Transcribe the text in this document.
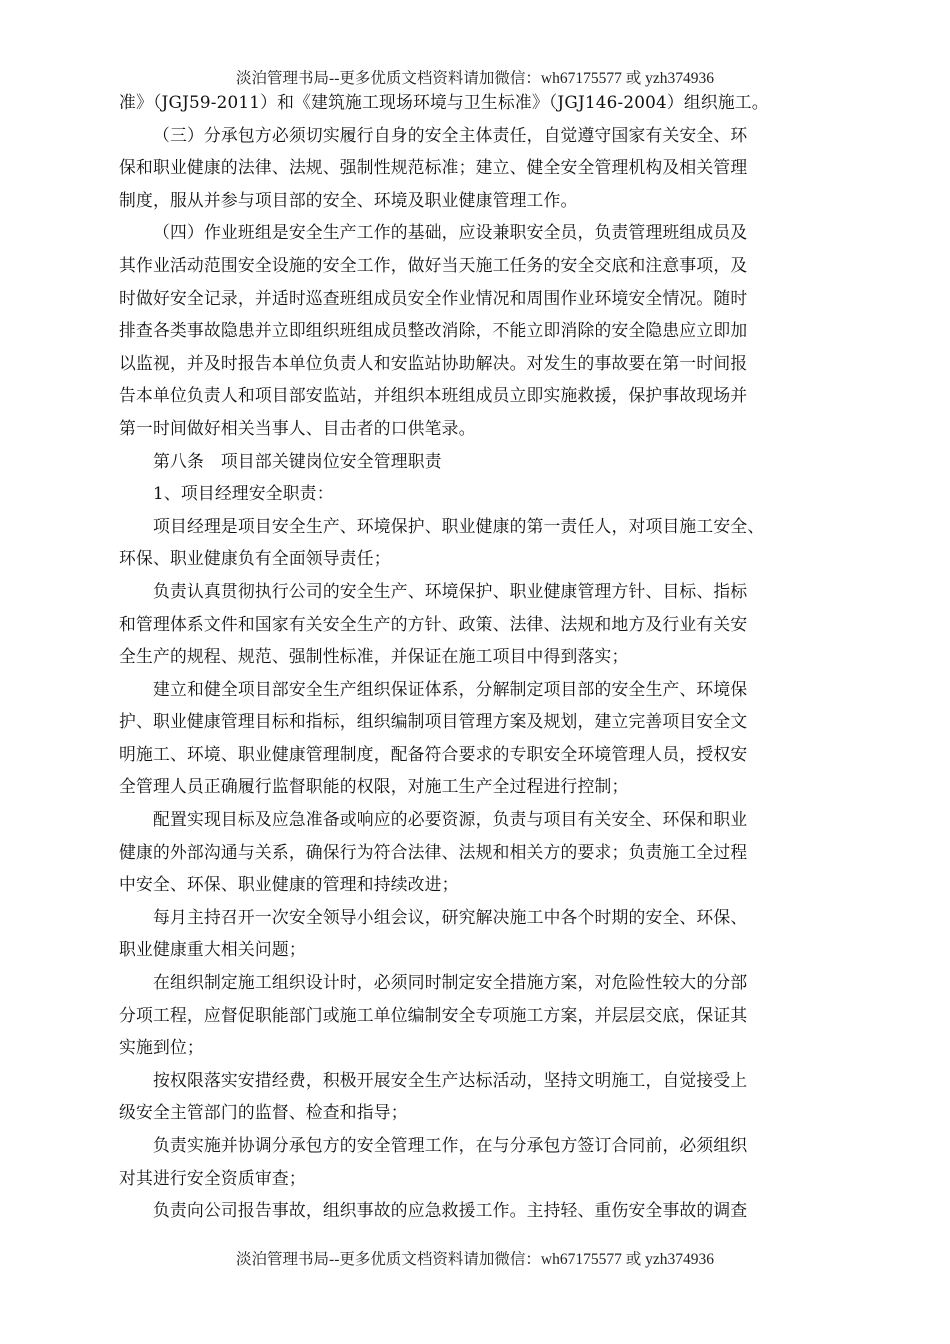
淡泊管理书局--更多优质文档资料请加微信：wh67175577 或 yzh374936
准》（JGJ59-2011）和《建筑施工现场环境与卫生标准》（JGJ146-2004）组织施工。
（三）分承包方必须切实履行自身的安全主体责任，自觉遵守国家有关安全、环
保和职业健康的法律、法规、强制性规范标准；建立、健全安全管理机构及相关管理
制度，服从并参与项目部的安全、环境及职业健康管理工作。
（四）作业班组是安全生产工作的基础，应设兼职安全员，负责管理班组成员及
其作业活动范围安全设施的安全工作，做好当天施工任务的安全交底和注意事项，及
时做好安全记录，并适时巡查班组成员安全作业情况和周围作业环境安全情况。随时
排查各类事故隐患并立即组织班组成员整改消除，不能立即消除的安全隐患应立即加
以监视，并及时报告本单位负责人和安监站协助解决。对发生的事故要在第一时间报
告本单位负责人和项目部安监站，并组织本班组成员立即实施救援，保护事故现场并
第一时间做好相关当事人、目击者的口供笔录。
第八条　项目部关键岗位安全管理职责
1、项目经理安全职责：
项目经理是项目安全生产、环境保护、职业健康的第一责任人，对项目施工安全、
环保、职业健康负有全面领导责任；
负责认真贯彻执行公司的安全生产、环境保护、职业健康管理方针、目标、指标
和管理体系文件和国家有关安全生产的方针、政策、法律、法规和地方及行业有关安
全生产的规程、规范、强制性标准，并保证在施工项目中得到落实；
建立和健全项目部安全生产组织保证体系，分解制定项目部的安全生产、环境保
护、职业健康管理目标和指标，组织编制项目管理方案及规划，建立完善项目安全文
明施工、环境、职业健康管理制度，配备符合要求的专职安全环境管理人员，授权安
全管理人员正确履行监督职能的权限，对施工生产全过程进行控制；
配置实现目标及应急准备或响应的必要资源，负责与项目有关安全、环保和职业
健康的外部沟通与关系，确保行为符合法律、法规和相关方的要求；负责施工全过程
中安全、环保、职业健康的管理和持续改进；
每月主持召开一次安全领导小组会议，研究解决施工中各个时期的安全、环保、
职业健康重大相关问题；
在组织制定施工组织设计时，必须同时制定安全措施方案，对危险性较大的分部
分项工程，应督促职能部门或施工单位编制安全专项施工方案，并层层交底，保证其
实施到位；
按权限落实安措经费，积极开展安全生产达标活动，坚持文明施工，自觉接受上
级安全主管部门的监督、检查和指导；
负责实施并协调分承包方的安全管理工作，在与分承包方签订合同前，必须组织
对其进行安全资质审查；
负责向公司报告事故，组织事故的应急救援工作。主持轻、重伤安全事故的调查
淡泊管理书局--更多优质文档资料请加微信：wh67175577 或 yzh374936
